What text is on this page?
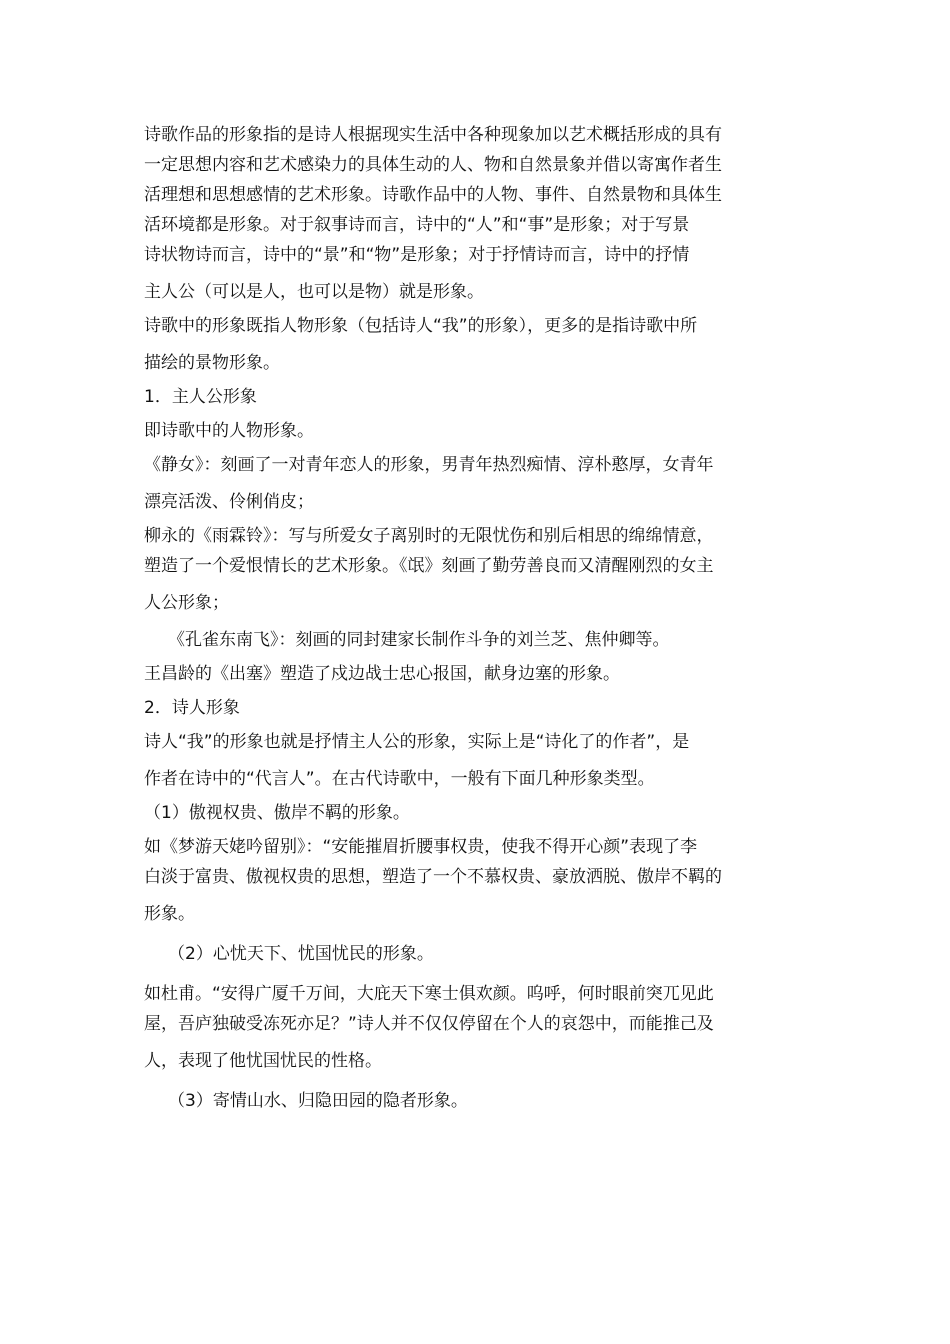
诗歌作品的形象指的是诗人根据现实生活中各种现象加以艺术概括形成的具有
一定思想内容和艺术感染力的具体生动的人、物和自然景象并借以寄寓作者生
活理想和思想感情的艺术形象。诗歌作品中的人物、事件、自然景物和具体生
活环境都是形象。对于叙事诗而言，诗中的“人”和“事”是形象；对于写景
诗状物诗而言，诗中的“景”和“物”是形象；对于抒情诗而言，诗中的抒情
主人公（可以是人，也可以是物）就是形象。
诗歌中的形象既指人物形象（包括诗人“我”的形象），更多的是指诗歌中所
描绘的景物形象。
1．主人公形象
即诗歌中的人物形象。
《静女》：刻画了一对青年恋人的形象，男青年热烈痴情、淳朴憨厚，女青年
漂亮活泼、伶俐俏皮；
柳永的《雨霖铃》：写与所爱女子离别时的无限忧伤和别后相思的绵绵情意，
塑造了一个爱恨情长的艺术形象。《氓》刻画了勤劳善良而又清醒刚烈的女主
人公形象；
《孔雀东南飞》：刻画的同封建家长制作斗争的刘兰芝、焦仲卿等。
王昌龄的《出塞》塑造了戍边战士忠心报国，献身边塞的形象。
2．诗人形象
诗人“我”的形象也就是抒情主人公的形象，实际上是“诗化了的作者”，是
作者在诗中的“代言人”。在古代诗歌中，一般有下面几种形象类型。
（1）傲视权贵、傲岸不羁的形象。
如《梦游天姥吟留别》：“安能摧眉折腰事权贵，使我不得开心颜”表现了李
白淡于富贵、傲视权贵的思想，塑造了一个不慕权贵、豪放洒脱、傲岸不羁的
形象。
（2）心忧天下、忧国忧民的形象。
如杜甫。“安得广厦千万间，大庇天下寒士俱欢颜。呜呼，何时眼前突兀见此
屋，吾庐独破受冻死亦足？”诗人并不仅仅停留在个人的哀怨中，而能推己及
人，表现了他忧国忧民的性格。
（3）寄情山水、归隐田园的隐者形象。
